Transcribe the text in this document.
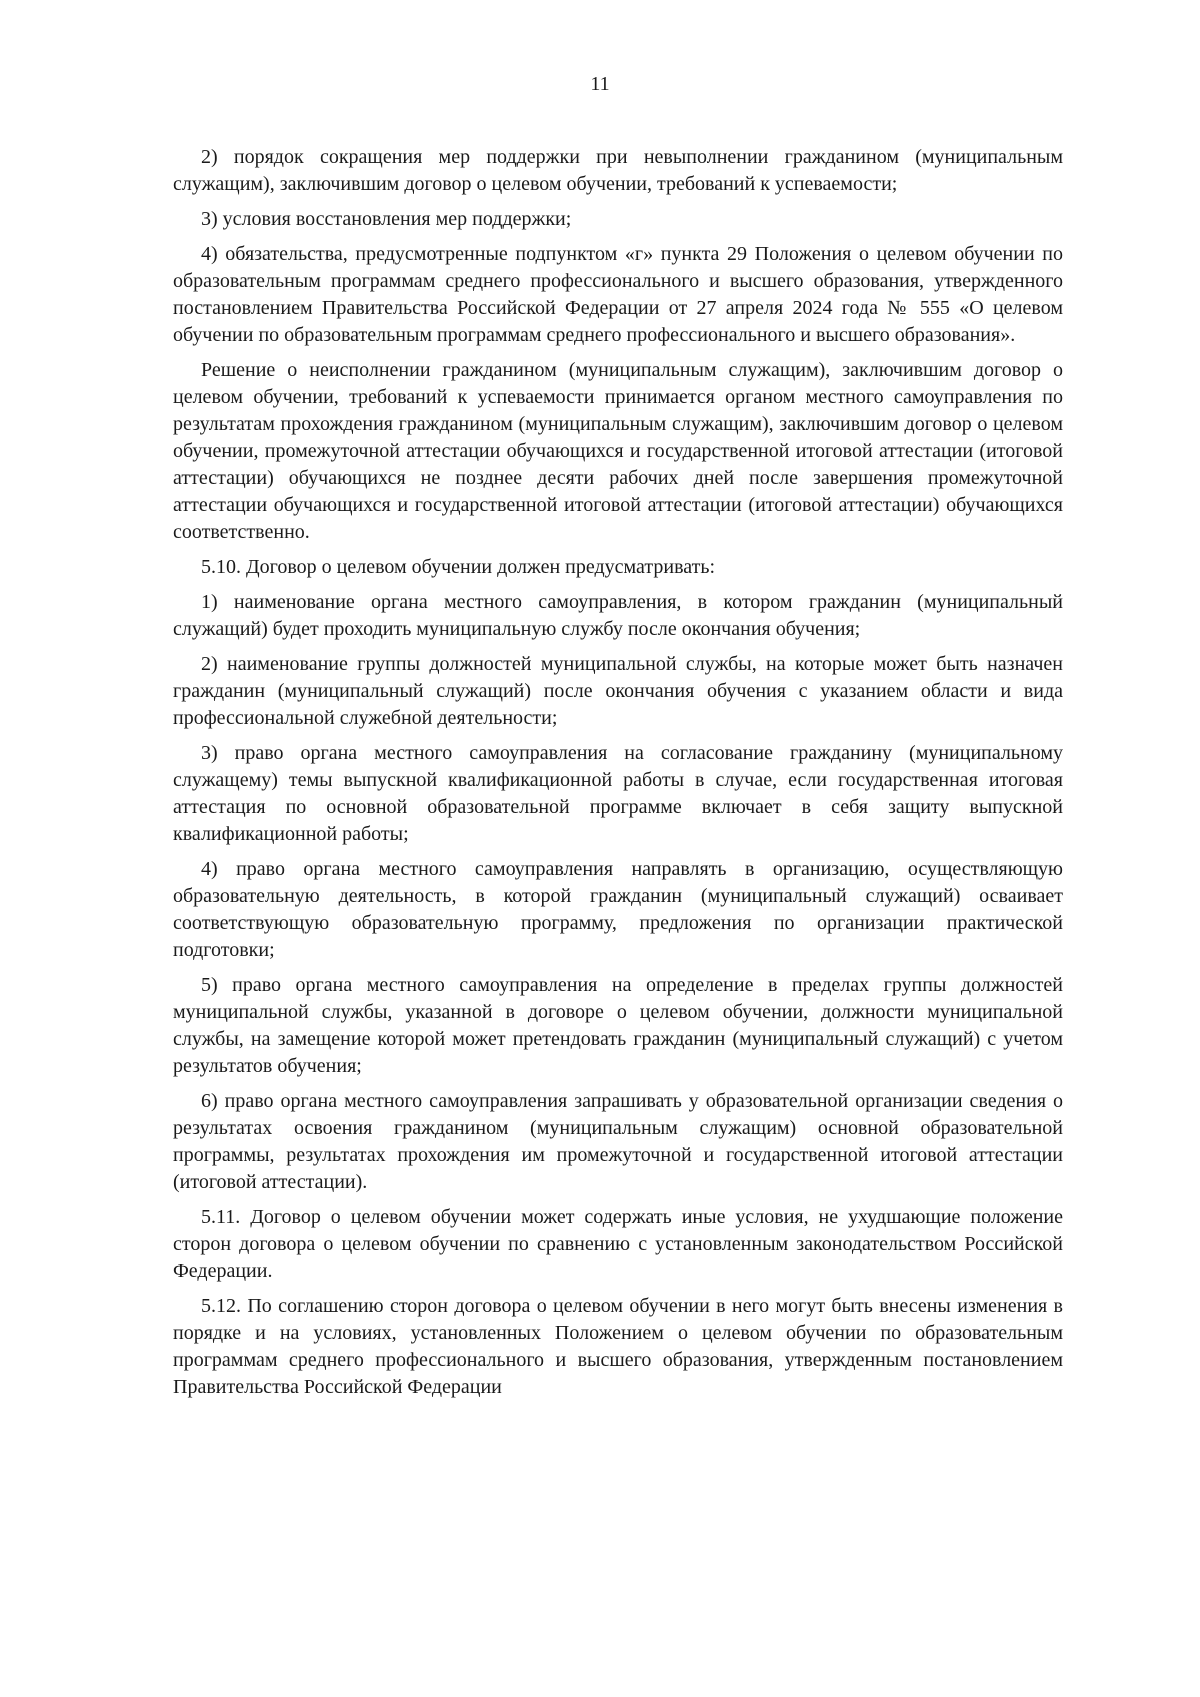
11

2) порядок сокращения мер поддержки при невыполнении гражданином (муниципальным служащим), заключившим договор о целевом обучении, требований к успеваемости;

3) условия восстановления мер поддержки;

4) обязательства, предусмотренные подпунктом «г» пункта 29 Положения о целевом обучении по образовательным программам среднего профессионального и высшего образования, утвержденного постановлением Правительства Российской Федерации от 27 апреля 2024 года № 555 «О целевом обучении по образовательным программам среднего профессионального и высшего образования».

Решение о неисполнении гражданином (муниципальным служащим), заключившим договор о целевом обучении, требований к успеваемости принимается органом местного самоуправления по результатам прохождения гражданином (муниципальным служащим), заключившим договор о целевом обучении, промежуточной аттестации обучающихся и государственной итоговой аттестации (итоговой аттестации) обучающихся не позднее десяти рабочих дней после завершения промежуточной аттестации обучающихся и государственной итоговой аттестации (итоговой аттестации) обучающихся соответственно.

5.10. Договор о целевом обучении должен предусматривать:

1) наименование органа местного самоуправления, в котором гражданин (муниципальный служащий) будет проходить муниципальную службу после окончания обучения;

2) наименование группы должностей муниципальной службы, на которые может быть назначен гражданин (муниципальный служащий) после окончания обучения с указанием области и вида профессиональной служебной деятельности;

3) право органа местного самоуправления на согласование гражданину (муниципальному служащему) темы выпускной квалификационной работы в случае, если государственная итоговая аттестация по основной образовательной программе включает в себя защиту выпускной квалификационной работы;

4) право органа местного самоуправления направлять в организацию, осуществляющую образовательную деятельность, в которой гражданин (муниципальный служащий) осваивает соответствующую образовательную программу, предложения по организации практической подготовки;

5) право органа местного самоуправления на определение в пределах группы должностей муниципальной службы, указанной в договоре о целевом обучении, должности муниципальной службы, на замещение которой может претендовать гражданин (муниципальный служащий) с учетом результатов обучения;

6) право органа местного самоуправления запрашивать у образовательной организации сведения о результатах освоения гражданином (муниципальным служащим) основной образовательной программы, результатах прохождения им промежуточной и государственной итоговой аттестации (итоговой аттестации).

5.11. Договор о целевом обучении может содержать иные условия, не ухудшающие положение сторон договора о целевом обучении по сравнению с установленным законодательством Российской Федерации.

5.12. По соглашению сторон договора о целевом обучении в него могут быть внесены изменения в порядке и на условиях, установленных Положением о целевом обучении по образовательным программам среднего профессионального и высшего образования, утвержденным постановлением Правительства Российской Федерации
